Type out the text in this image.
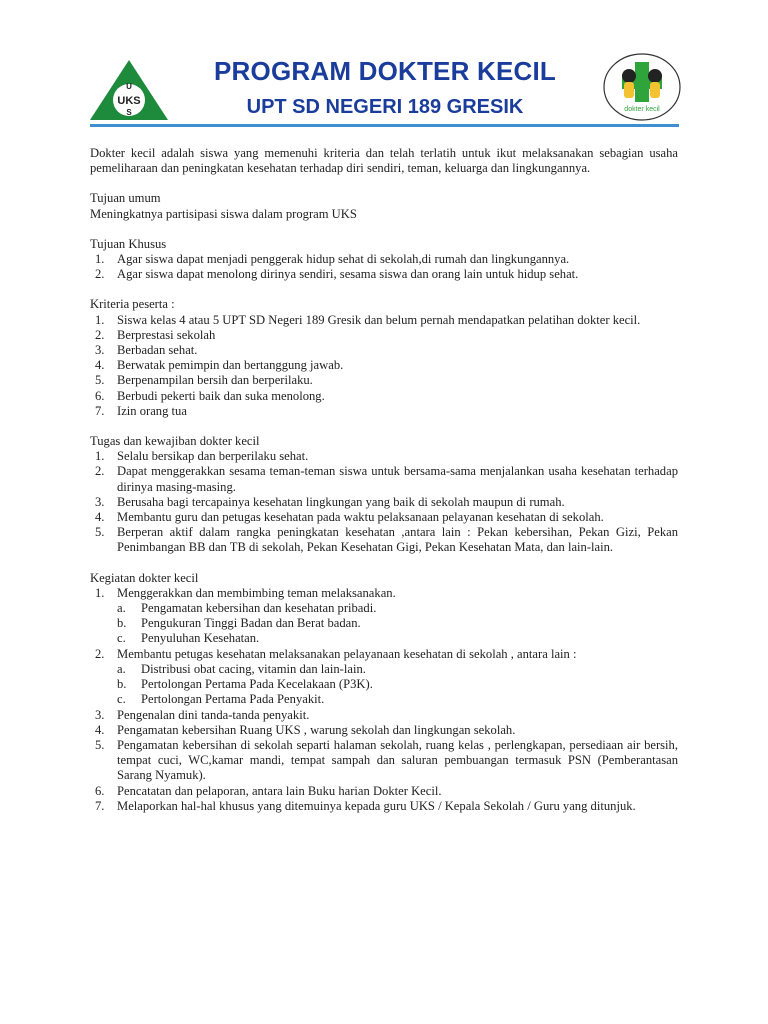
U
UKS
S
PROGRAM DOKTER KECIL
UPT SD NEGERI 189 GRESIK	dokter kecil

Dokter kecil adalah siswa yang memenuhi kriteria dan telah terlatih untuk ikut melaksanakan sebagian usaha pemeliharaan dan peningkatan kesehatan terhadap diri sendiri, teman, keluarga dan lingkungannya.

Tujuan umum

Meningkatnya partisipasi siswa dalam program UKS

Tujuan Khusus

1. Agar siswa dapat menjadi penggerak hidup sehat di sekolah,di rumah dan lingkungannya.
2. Agar siswa dapat menolong dirinya sendiri, sesama siswa dan orang lain untuk hidup sehat.

Kriteria peserta :

1. Siswa kelas 4 atau 5 UPT SD Negeri 189 Gresik dan belum pernah mendapatkan pelatihan dokter kecil.
2. Berprestasi sekolah
3. Berbadan sehat.
4. Berwatak pemimpin dan bertanggung jawab.
5. Berpenampilan bersih dan berperilaku.
6. Berbudi pekerti baik dan suka menolong.
7. Izin orang tua

Tugas dan kewajiban dokter kecil

1. Selalu bersikap dan berperilaku sehat.
2. Dapat menggerakkan sesama teman-teman siswa untuk bersama-sama menjalankan usaha kesehatan terhadap dirinya masing-masing.
3. Berusaha bagi tercapainya kesehatan lingkungan yang baik di sekolah maupun di rumah.
4. Membantu guru dan petugas kesehatan pada waktu pelaksanaan pelayanan kesehatan di sekolah.
5. Berperan aktif dalam rangka peningkatan kesehatan ,antara lain : Pekan kebersihan, Pekan Gizi, Pekan Penimbangan BB dan TB di sekolah, Pekan Kesehatan Gigi, Pekan Kesehatan Mata, dan lain-lain.

Kegiatan dokter kecil

1. Menggerakkan dan membimbing teman melaksanakan.
a. Pengamatan kebersihan dan kesehatan pribadi.
b. Pengukuran Tinggi Badan dan Berat badan.
c. Penyuluhan Kesehatan.
2. Membantu petugas kesehatan melaksanakan pelayanaan kesehatan di sekolah , antara lain :
a. Distribusi obat cacing, vitamin dan lain-lain.
b. Pertolongan Pertama Pada Kecelakaan (P3K).
c. Pertolongan Pertama Pada Penyakit.
3. Pengenalan dini tanda-tanda penyakit.
4. Pengamatan kebersihan Ruang UKS , warung sekolah dan lingkungan sekolah.
5. Pengamatan kebersihan di sekolah separti halaman sekolah, ruang kelas , perlengkapan, persediaan air bersih, tempat cuci, WC,kamar mandi, tempat sampah dan saluran pembuangan termasuk PSN (Pemberantasan Sarang Nyamuk).
6. Pencatatan dan pelaporan, antara lain Buku harian Dokter Kecil.
7. Melaporkan hal-hal khusus yang ditemuinya kepada guru UKS / Kepala Sekolah / Guru yang ditunjuk.
